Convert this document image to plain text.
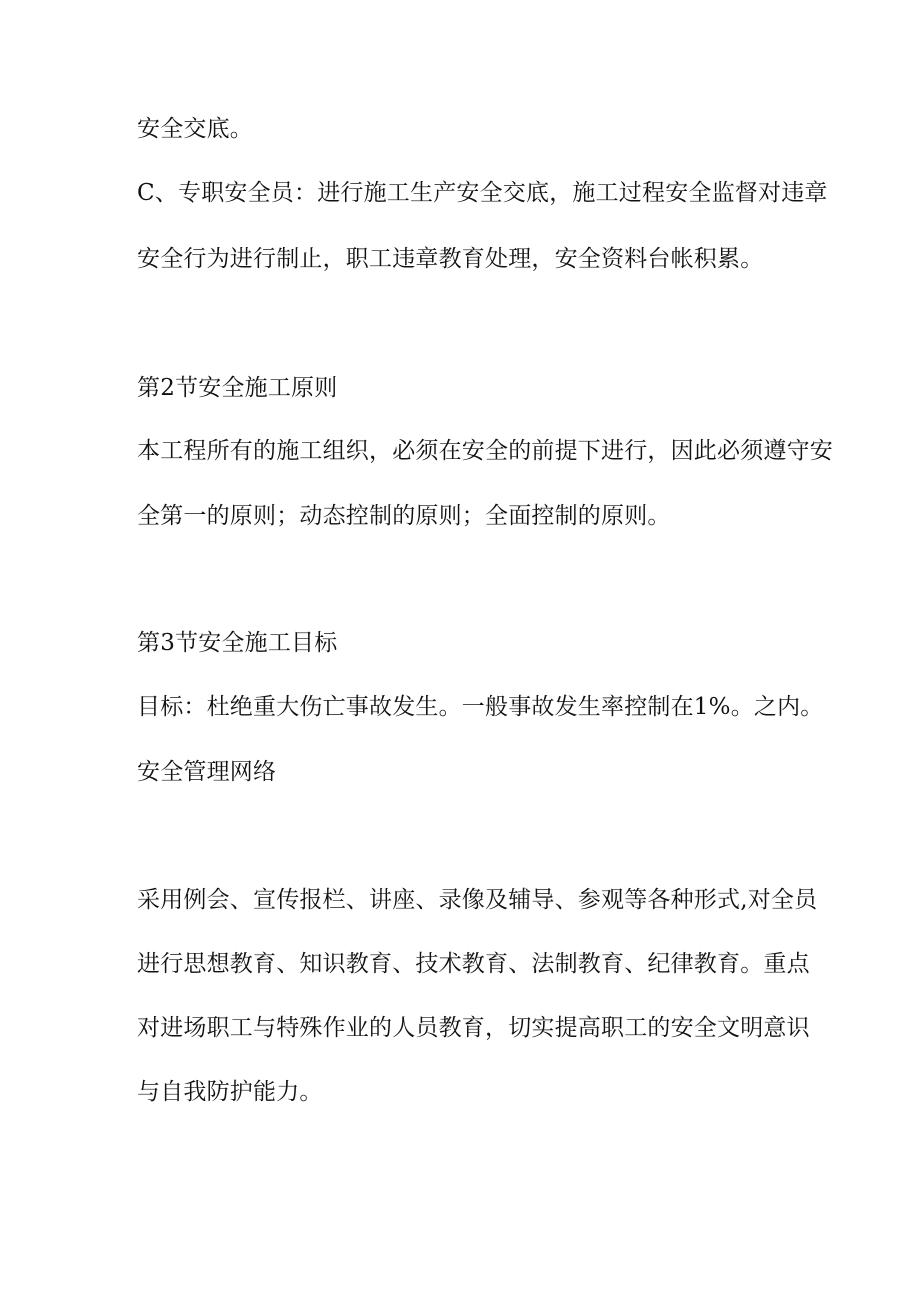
安全交底。
C、专职安全员：进行施工生产安全交底，施工过程安全监督对违章
安全行为进行制止，职工违章教育处理，安全资料台帐积累。
第2节安全施工原则
本工程所有的施工组织，必须在安全的前提下进行，因此必须遵守安
全第一的原则；动态控制的原则；全面控制的原则。
第3节安全施工目标
目标：杜绝重大伤亡事故发生。一般事故发生率控制在1%。之内。
安全管理网络
采用例会、宣传报栏、讲座、录像及辅导、参观等各种形式,对全员
进行思想教育、知识教育、技术教育、法制教育、纪律教育。重点
对进场职工与特殊作业的人员教育，切实提高职工的安全文明意识
与自我防护能力。
